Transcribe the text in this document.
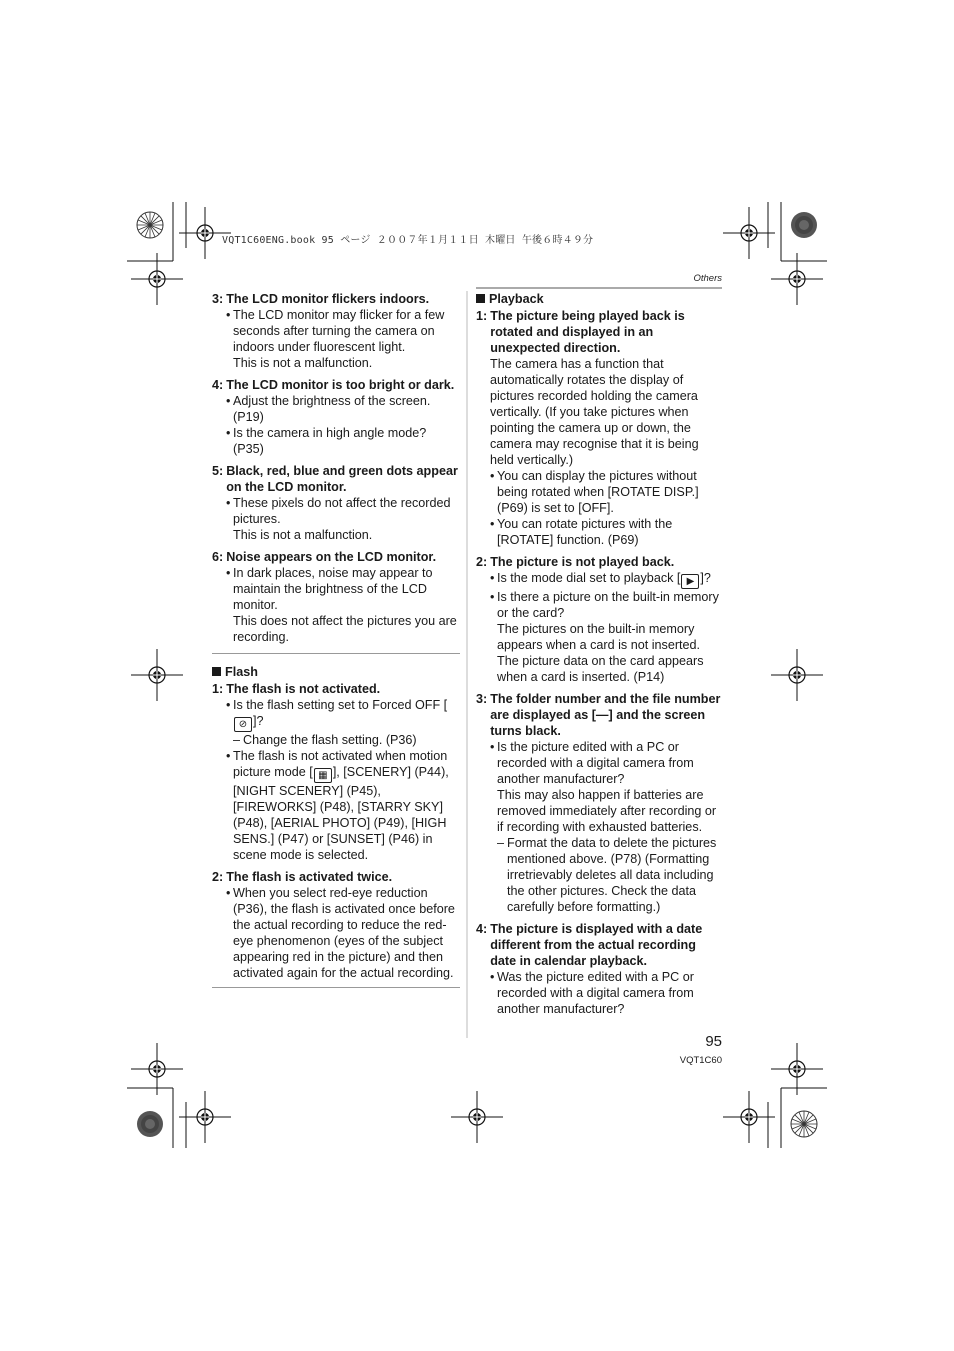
VQT1C60ENG.book 95 ページ ２００７年１月１１日 木曜日 午後６時４９分
Others
3: The LCD monitor flickers indoors.
• The LCD monitor may flicker for a few seconds after turning the camera on indoors under fluorescent light.
This is not a malfunction.
4: The LCD monitor is too bright or dark.
• Adjust the brightness of the screen. (P19)
• Is the camera in high angle mode? (P35)
5: Black, red, blue and green dots appear on the LCD monitor.
• These pixels do not affect the recorded pictures.
This is not a malfunction.
6: Noise appears on the LCD monitor.
• In dark places, noise may appear to maintain the brightness of the LCD monitor.
This does not affect the pictures you are recording.
Flash
1: The flash is not activated.
• Is the flash setting set to Forced OFF [⊘ ]?
– Change the flash setting. (P36)
• The flash is not activated when motion picture mode [ ▦ ], [SCENERY] (P44), [NIGHT SCENERY] (P45), [FIREWORKS] (P48), [STARRY SKY] (P48), [AERIAL PHOTO] (P49), [HIGH SENS.] (P47) or [SUNSET] (P46) in scene mode is selected.
2: The flash is activated twice.
• When you select red-eye reduction (P36), the flash is activated once before the actual recording to reduce the red-eye phenomenon (eyes of the subject appearing red in the picture) and then activated again for the actual recording.
Playback
1: The picture being played back is rotated and displayed in an unexpected direction.
The camera has a function that automatically rotates the display of pictures recorded holding the camera vertically. (If you take pictures when pointing the camera up or down, the camera may recognise that it is being held vertically.)
• You can display the pictures without being rotated when [ROTATE DISP.] (P69) is set to [OFF].
• You can rotate pictures with the [ROTATE] function. (P69)
2: The picture is not played back.
• Is the mode dial set to playback [ ▶ ]?
• Is there a picture on the built-in memory or the card?
The pictures on the built-in memory appears when a card is not inserted.
The picture data on the card appears when a card is inserted. (P14)
3: The folder number and the file number are displayed as [—] and the screen turns black.
• Is the picture edited with a PC or recorded with a digital camera from another manufacturer?
This may also happen if batteries are removed immediately after recording or if recording with exhausted batteries.
– Format the data to delete the pictures mentioned above. (P78) (Formatting irretrievably deletes all data including the other pictures. Check the data carefully before formatting.)
4: The picture is displayed with a date different from the actual recording date in calendar playback.
• Was the picture edited with a PC or recorded with a digital camera from another manufacturer?
95
VQT1C60
